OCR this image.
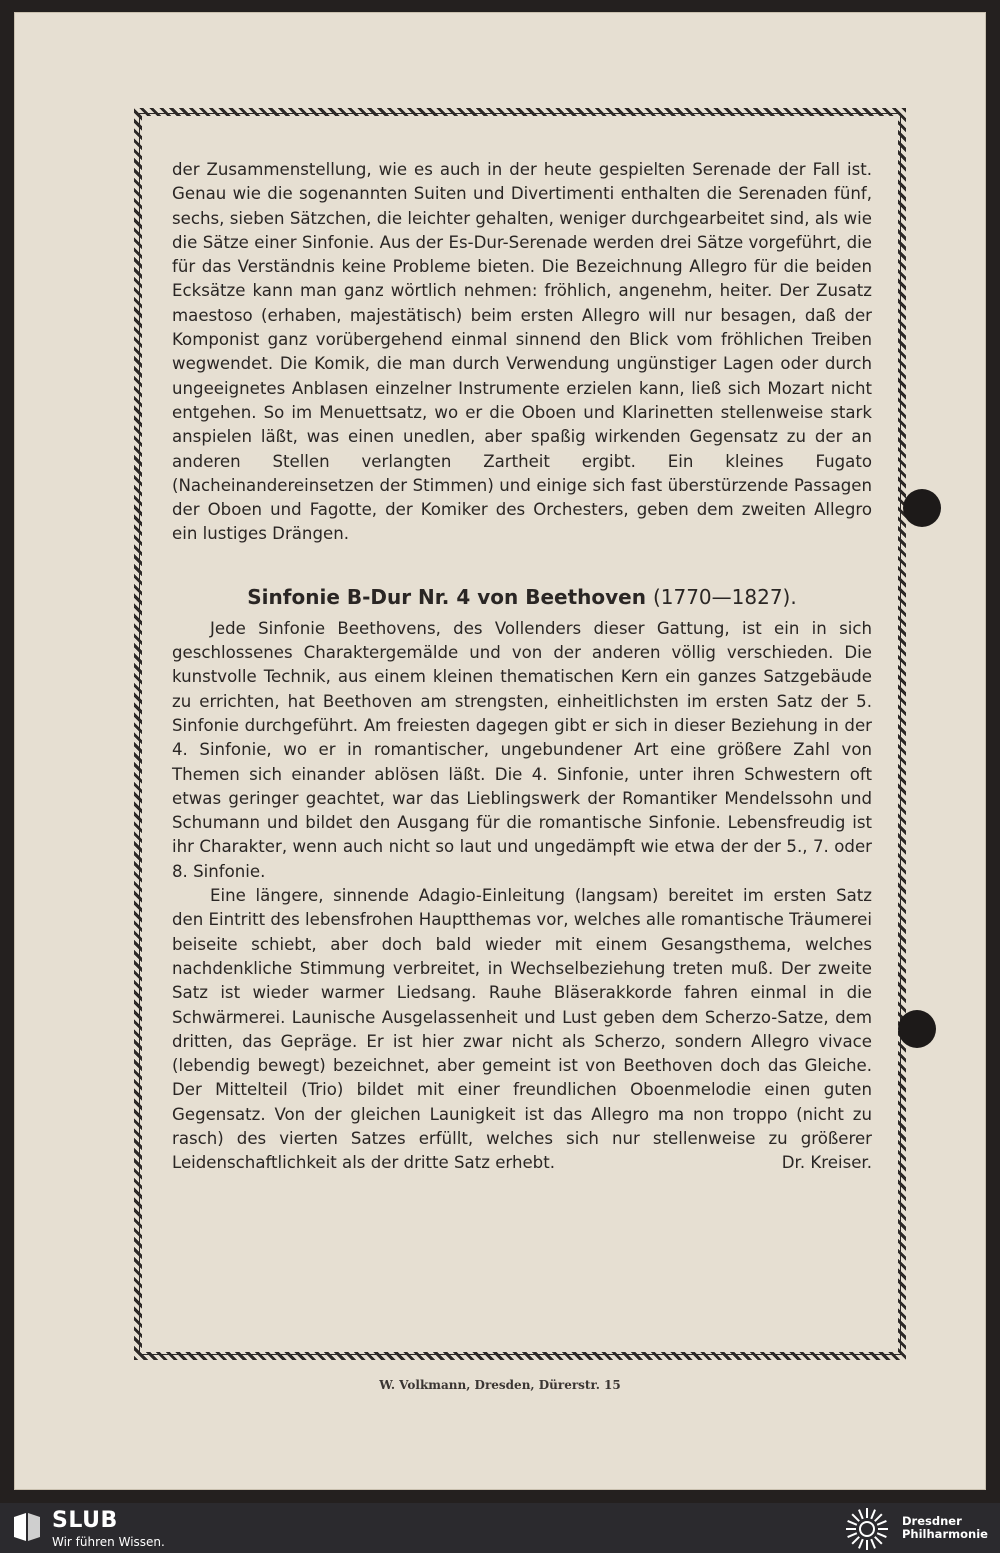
der Zusammenstellung, wie es auch in der heute gespielten Serenade der Fall ist. Genau wie die sogenannten Suiten und Divertimenti enthalten die Serenaden fünf, sechs, sieben Sätzchen, die leichter gehalten, weniger durchgearbeitet sind, als wie die Sätze einer Sinfonie. Aus der Es-Dur-Serenade werden drei Sätze vorgeführt, die für das Verständnis keine Probleme bieten. Die Bezeichnung Allegro für die beiden Ecksätze kann man ganz wörtlich nehmen: fröhlich, angenehm, heiter. Der Zusatz maestoso (erhaben, majestätisch) beim ersten Allegro will nur besagen, daß der Komponist ganz vorübergehend einmal sinnend den Blick vom fröhlichen Treiben wegwendet. Die Komik, die man durch Verwendung ungünstiger Lagen oder durch ungeeignetes Anblasen einzelner Instrumente erzielen kann, ließ sich Mozart nicht entgehen. So im Menuettsatz, wo er die Oboen und Klarinetten stellenweise stark anspielen läßt, was einen unedlen, aber spaßig wirkenden Gegensatz zu der an anderen Stellen verlangten Zartheit ergibt. Ein kleines Fugato (Nacheinandereinsetzen der Stimmen) und einige sich fast überstürzende Passagen der Oboen und Fagotte, der Komiker des Orchesters, geben dem zweiten Allegro ein lustiges Drängen.

Sinfonie B-Dur Nr. 4 von Beethoven (1770—1827).

Jede Sinfonie Beethovens, des Vollenders dieser Gattung, ist ein in sich geschlossenes Charaktergemälde und von der anderen völlig verschieden. Die kunstvolle Technik, aus einem kleinen thematischen Kern ein ganzes Satzgebäude zu errichten, hat Beethoven am strengsten, einheitlichsten im ersten Satz der 5. Sinfonie durchgeführt. Am freiesten dagegen gibt er sich in dieser Beziehung in der 4. Sinfonie, wo er in romantischer, ungebundener Art eine größere Zahl von Themen sich einander ablösen läßt. Die 4. Sinfonie, unter ihren Schwestern oft etwas geringer geachtet, war das Lieblingswerk der Romantiker Mendelssohn und Schumann und bildet den Ausgang für die romantische Sinfonie. Lebensfreudig ist ihr Charakter, wenn auch nicht so laut und ungedämpft wie etwa der der 5., 7. oder 8. Sinfonie.

Eine längere, sinnende Adagio-Einleitung (langsam) bereitet im ersten Satz den Eintritt des lebensfrohen Hauptthemas vor, welches alle romantische Träumerei beiseite schiebt, aber doch bald wieder mit einem Gesangsthema, welches nachdenkliche Stimmung verbreitet, in Wechselbeziehung treten muß. Der zweite Satz ist wieder warmer Liedsang. Rauhe Bläserakkorde fahren einmal in die Schwärmerei. Launische Ausgelassenheit und Lust geben dem Scherzo-Satze, dem dritten, das Gepräge. Er ist hier zwar nicht als Scherzo, sondern Allegro vivace (lebendig bewegt) bezeichnet, aber gemeint ist von Beethoven doch das Gleiche. Der Mittelteil (Trio) bildet mit einer freundlichen Oboenmelodie einen guten Gegensatz. Von der gleichen Launigkeit ist das Allegro ma non troppo (nicht zu rasch) des vierten Satzes erfüllt, welches sich nur stellenweise zu größerer Leidenschaftlichkeit als der dritte Satz erhebt.	Dr. Kreiser.
W. Volkmann, Dresden, Dürerstr. 15
SLUB
Wir führen Wissen.
Dresdner
Philharmonie
